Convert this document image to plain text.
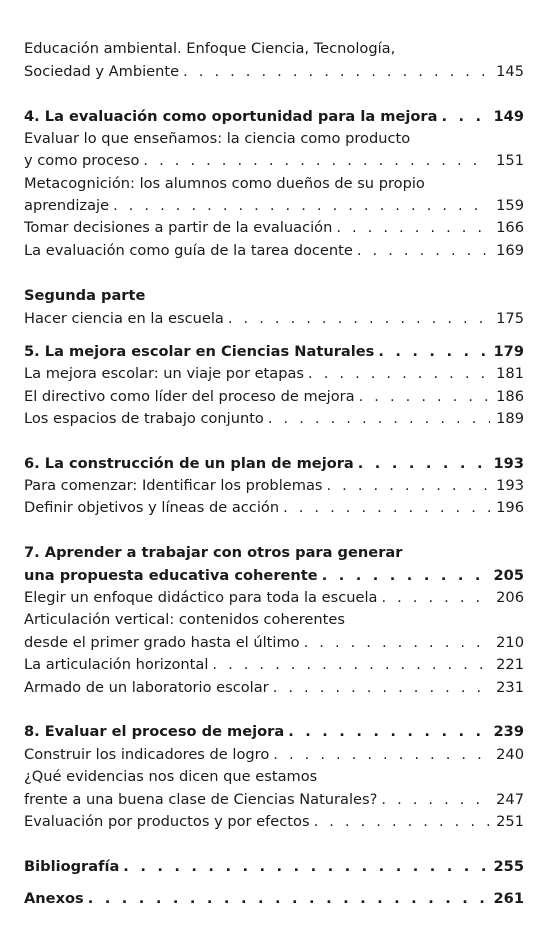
Educación ambiental. Enfoque Ciencia, Tecnología,
Sociedad y Ambiente . . .	145
4. La evaluación como oportunidad para la mejora . . .	149
Evaluar lo que enseñamos: la ciencia como producto
y como proceso . . .	151
Metacognición: los alumnos como dueños de su propio
aprendizaje . . .	159
Tomar decisiones a partir de la evaluación . . .	166
La evaluación como guía de la tarea docente . . .	169
Segunda parte
Hacer ciencia en la escuela . . .	175
5. La mejora escolar en Ciencias Naturales . . .	179
La mejora escolar: un viaje por etapas . . .	181
El directivo como líder del proceso de mejora . . .	186
Los espacios de trabajo conjunto . . .	189
6. La construcción de un plan de mejora . . .	193
Para comenzar: Identificar los problemas . . .	193
Definir objetivos y líneas de acción . . .	196
7. Aprender a trabajar con otros para generar
una propuesta educativa coherente . . .	205
Elegir un enfoque didáctico para toda la escuela . . .	206
Articulación vertical: contenidos coherentes
desde el primer grado hasta el último . . .	210
La articulación horizontal . . .	221
Armado de un laboratorio escolar . . .	231
8. Evaluar el proceso de mejora . . .	239
Construir los indicadores de logro . . .	240
¿Qué evidencias nos dicen que estamos
frente a una buena clase de Ciencias Naturales? . . .	247
Evaluación por productos y por efectos . . .	251
Bibliografía . . .	255
Anexos . . .	261
